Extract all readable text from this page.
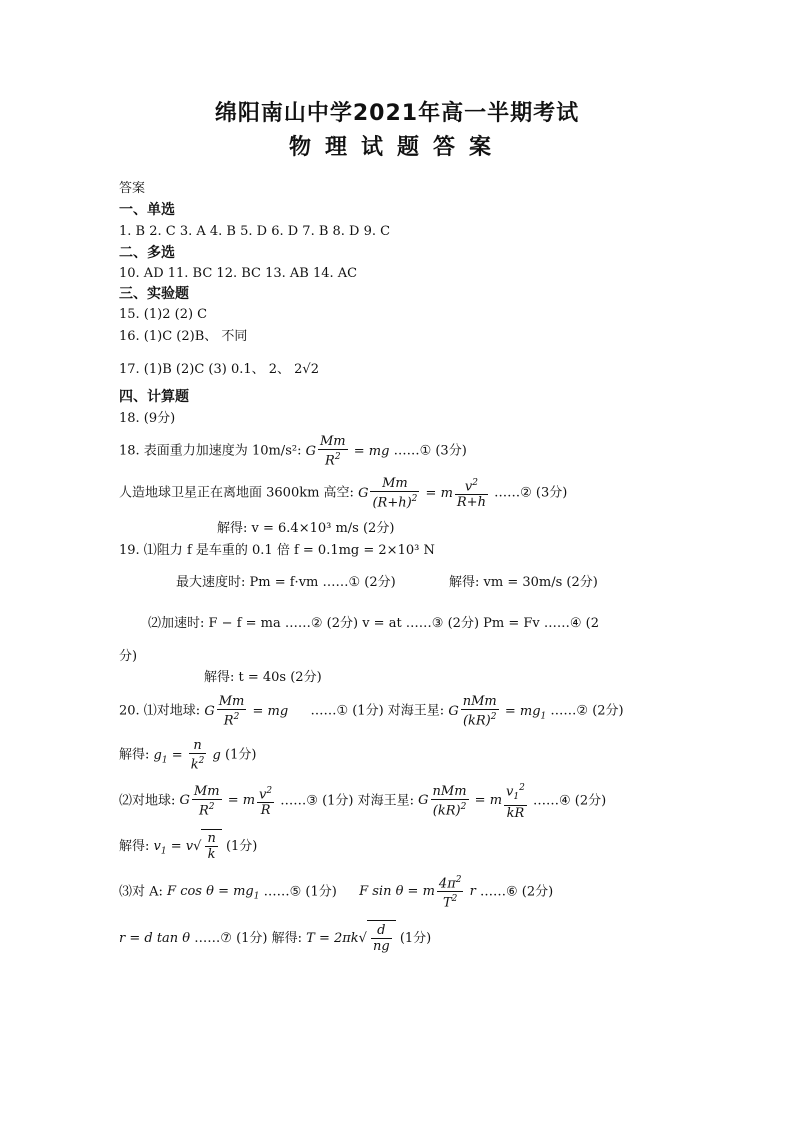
绵阳南山中学2021年高一半期考试
物理试题答案
答案
一、单选
1. B 2. C 3. A 4. B 5. D 6. D 7. B 8. D 9. C
二、多选
10. AD 11. BC 12. BC 13. AB 14. AC
三、实验题
15. (1)2 (2) C
16. (1)C (2)B、 不同
17. (1)B (2)C (3) 0.1、 2、 2√2
四、计算题
18. (9分)
18. 表面重力加速度为 10m/s²: G $\frac{Mm}{R^2}$ = mg ……① (3分)
人造地球卫星正在离地面 3600km 高空: G $\frac{Mm}{(R+h)^2} = m \frac{v^2}{R+h}$ ……② (3分)
解得: v = 6.4×10³ m/s (2分)
19. ⑴阻力 f 是车重的 0.1 倍 f = 0.1mg = 2×10³ N
最大速度时: Pm = f·vm ……① (2分)	解得: vm = 30m/s (2分)
⑵加速时: F − f = ma ……② (2分) v = at ……③ (2分) Pm = Fv ……④ (2
分)
解得: t = 40s (2分)
20. ⑴对地球: G $\frac{Mm}{R^2}$ = mg ……① (1分) 对海王星: G $\frac{\text{nMm}}{(kR)^2} = mg_1$ ……② (2分)
解得: $g_1 = \frac{n}{k^2}$ g (1分)
⑵对地球: G $\frac{Mm}{R^2} = m \frac{v^2}{R}$ ……③ (1分) 对海王星: G $\frac{\text{nMm}}{(kR)^2} = m \frac{v_1^2}{kR}$ ……④ (2分)
解得: $v_1 = v√ \frac{n}{k} (1$分)
⑶对 A: F $\cos \theta = mg_1$ ……⑤ (1分) F sin θ = m $\frac{4\pi^2}{T^2}$ r ……⑥ (2分)
r = d tan θ ……⑦ (1分) 解得: $T = 2\pi k√ \frac{d}{ng} (1$分)
